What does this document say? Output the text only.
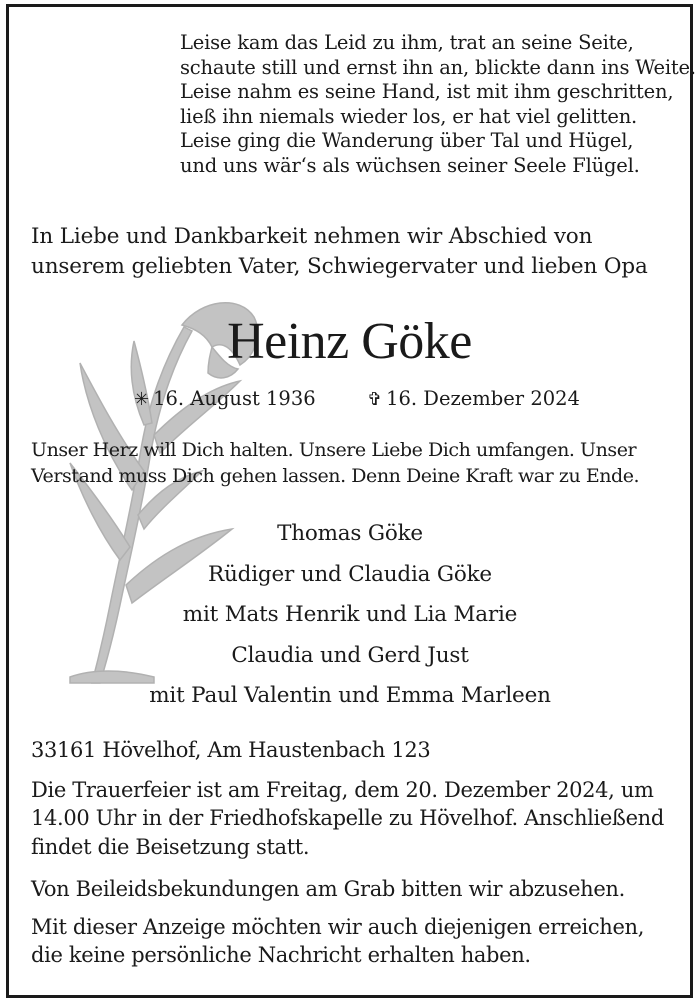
Leise kam das Leid zu ihm, trat an seine Seite,
schaute still und ernst ihn an, blickte dann ins Weite.
Leise nahm es seine Hand, ist mit ihm geschritten,
ließ ihn niemals wieder los, er hat viel gelitten.
Leise ging die Wanderung über Tal und Hügel,
und uns wär‘s als wüchsen seiner Seele Flügel.
In Liebe und Dankbarkeit nehmen wir Abschied von
unserem geliebten Vater, Schwiegervater und lieben Opa
Heinz Göke
✳ 16. August 1936	✞ 16. Dezember 2024
Unser Herz will Dich halten. Unsere Liebe Dich umfangen. Unser
Verstand muss Dich gehen lassen. Denn Deine Kraft war zu Ende.
Thomas Göke
Rüdiger und Claudia Göke
mit Mats Henrik und Lia Marie
Claudia und Gerd Just
mit Paul Valentin und Emma Marleen
33161 Hövelhof, Am Haustenbach 123
Die Trauerfeier ist am Freitag, dem 20. Dezember 2024, um
14.00 Uhr in der Friedhofskapelle zu Hövelhof. Anschließend
findet die Beisetzung statt.
Von Beileidsbekundungen am Grab bitten wir abzusehen.
Mit dieser Anzeige möchten wir auch diejenigen erreichen,
die keine persönliche Nachricht erhalten haben.
